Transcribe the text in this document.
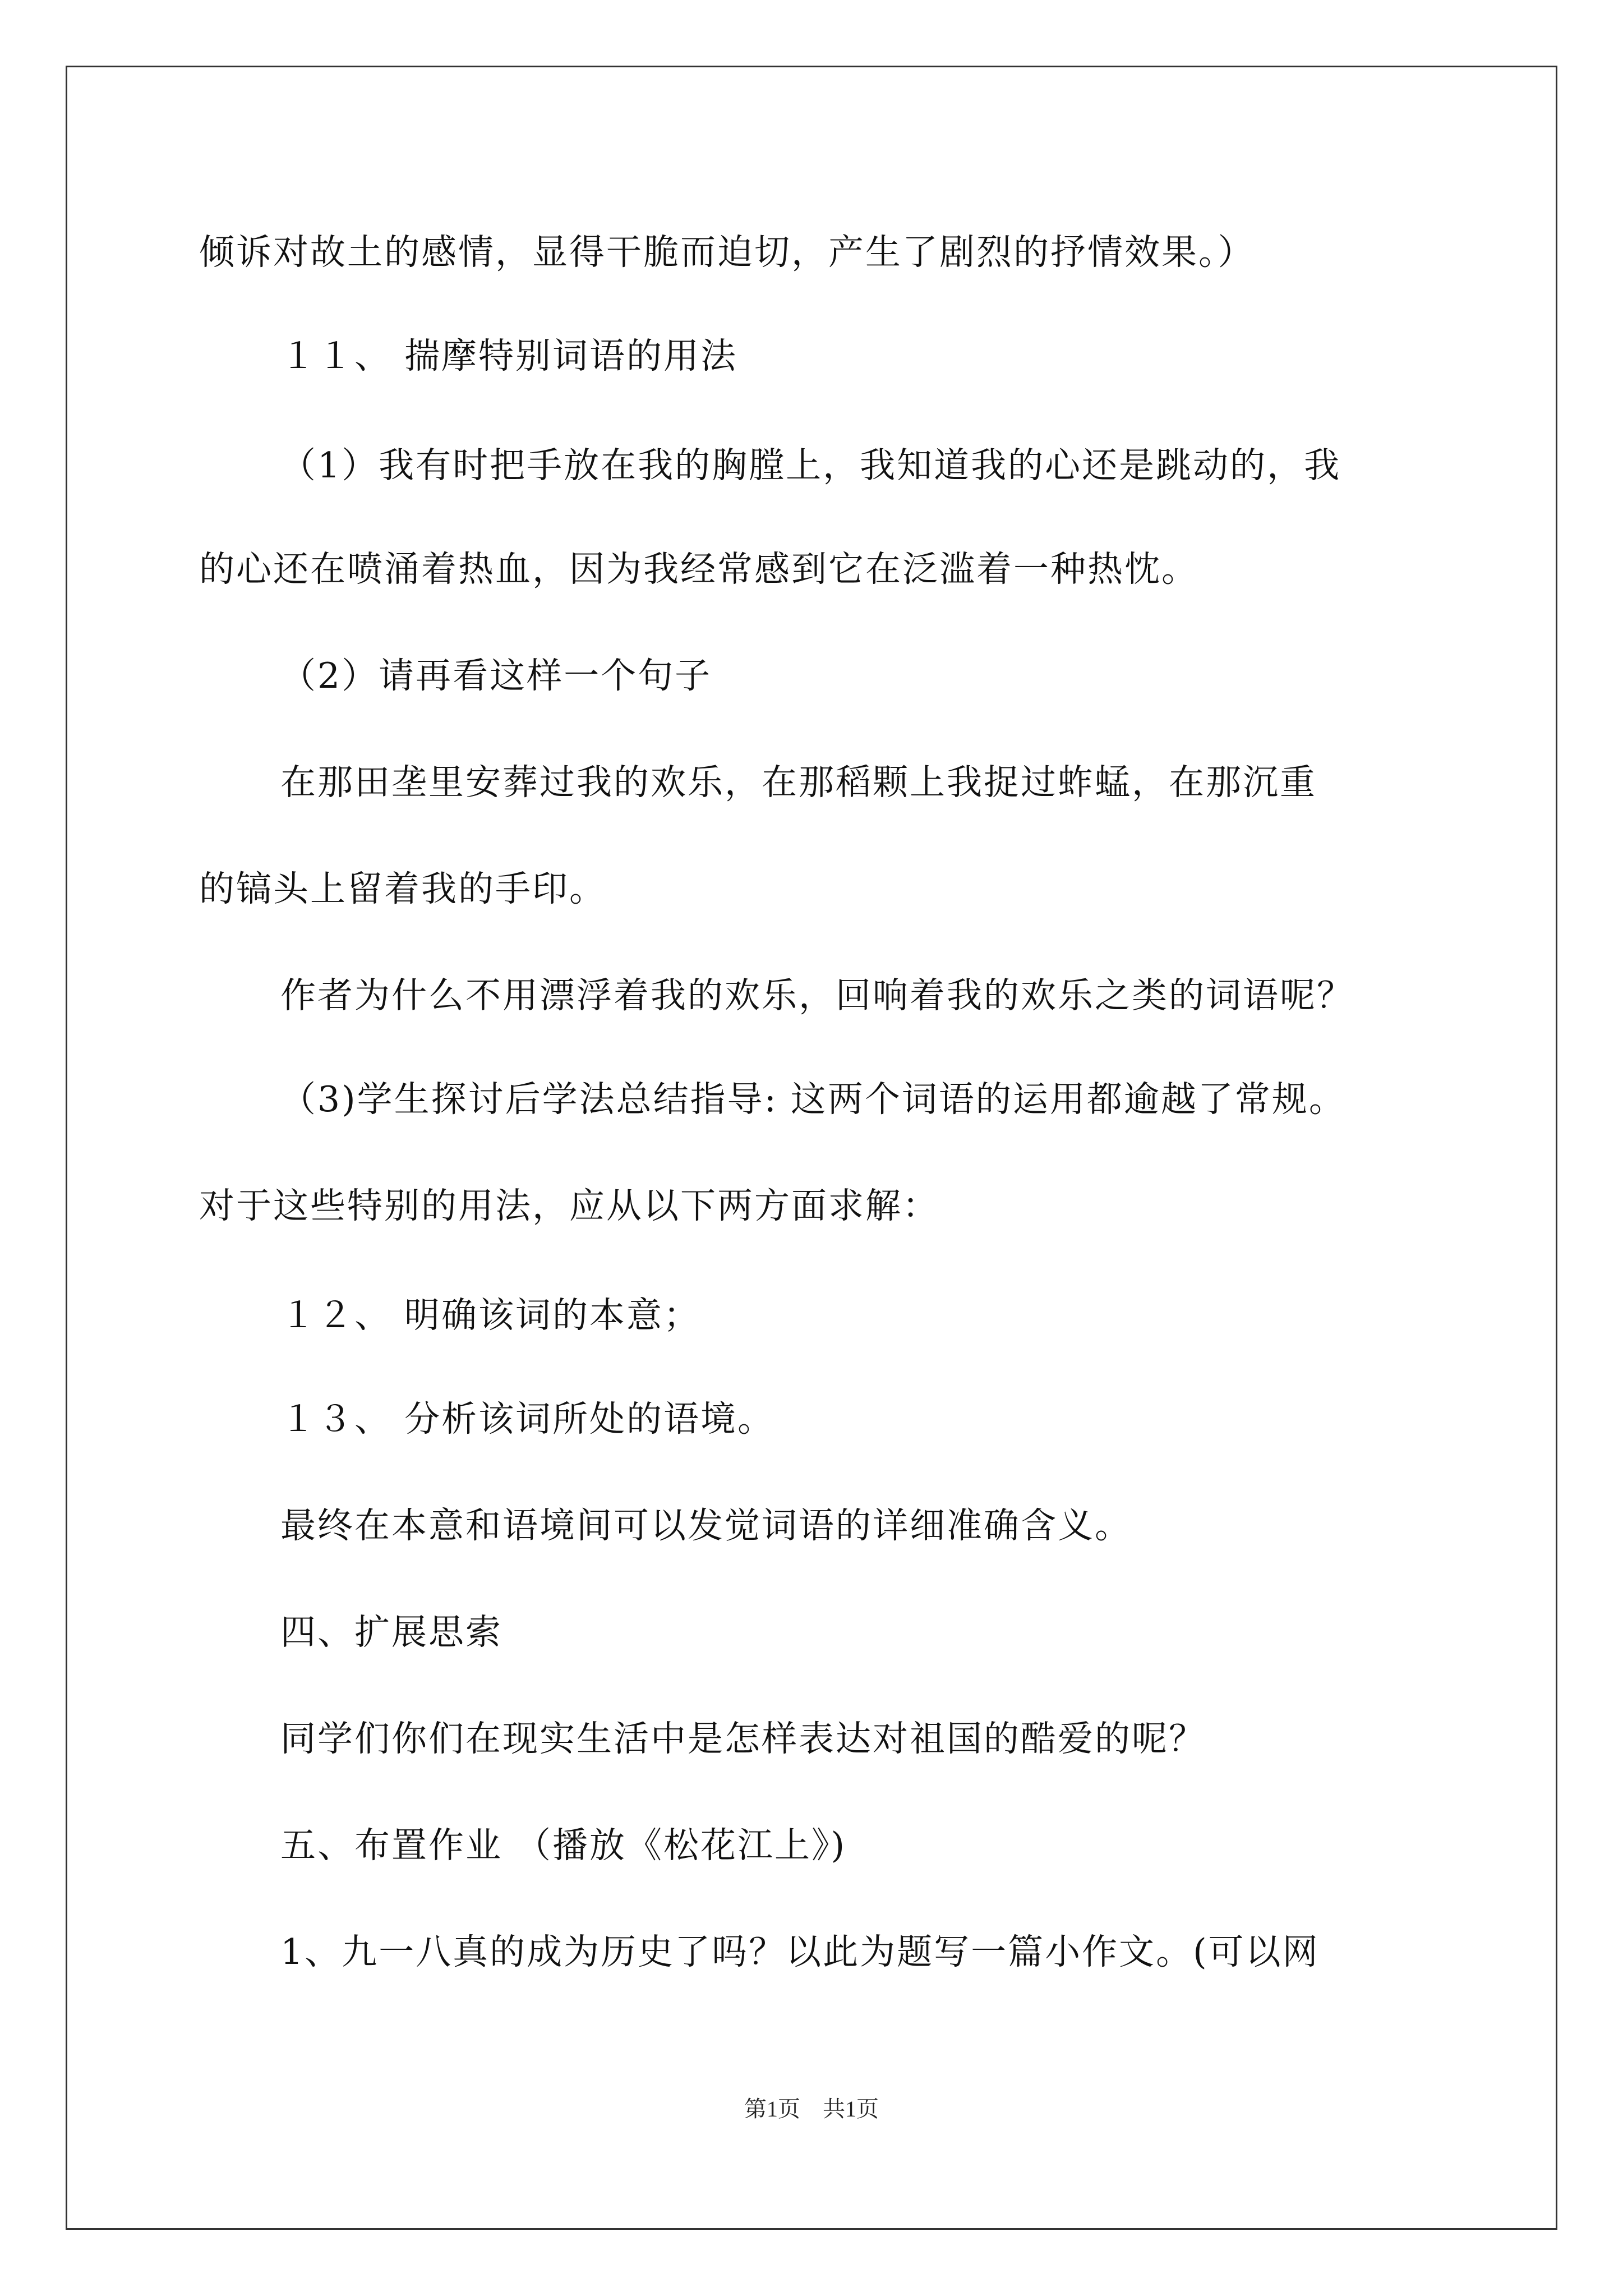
倾诉对故土的感情，显得干脆而迫切，产生了剧烈的抒情效果。）
１１、 揣摩特别词语的用法
（1）我有时把手放在我的胸膛上，我知道我的心还是跳动的，我
的心还在喷涌着热血，因为我经常感到它在泛滥着一种热忱。
（2）请再看这样一个句子
在那田垄里安葬过我的欢乐，在那稻颗上我捉过蚱蜢，在那沉重
的镐头上留着我的手印。
作者为什么不用漂浮着我的欢乐，回响着我的欢乐之类的词语呢？
（3)学生探讨后学法总结指导: 这两个词语的运用都逾越了常规。
对于这些特别的用法，应从以下两方面求解：
１２、 明确该词的本意；
１３、 分析该词所处的语境。
最终在本意和语境间可以发觉词语的详细准确含义。
四、扩展思索
同学们你们在现实生活中是怎样表达对祖国的酷爱的呢？
五、布置作业 （播放《松花江上》)
1、九一八真的成为历史了吗？以此为题写一篇小作文。(可以网
第1页　共1页
